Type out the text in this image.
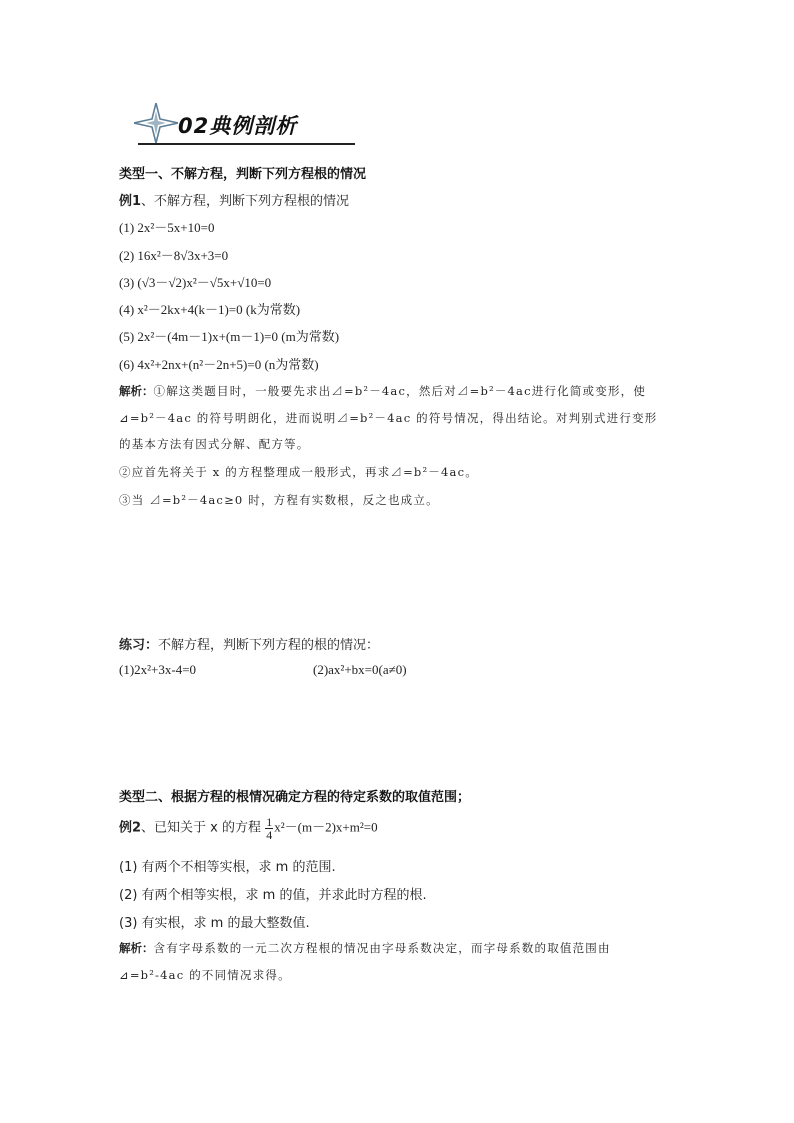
02典例剖析
类型一、不解方程，判断下列方程根的情况
例1、不解方程，判断下列方程根的情况
(1) 2x²－5x+10=0
(2) 16x²－8√3x+3=0
(3) (√3－√2)x²－√5x+√10=0
(4) x²－2kx+4(k－1)=0 (k为常数)
(5) 2x²－(4m－1)x+(m－1)=0 (m为常数)
(6) 4x²+2nx+(n²－2n+5)=0 (n为常数)
解析：①解这类题目时，一般要先求出⊿=b²－4ac，然后对⊿=b²－4ac进行化简或变形，使
⊿=b²－4ac 的符号明朗化，进而说明⊿=b²－4ac 的符号情况，得出结论。对判别式进行变形
的基本方法有因式分解、配方等。
②应首先将关于 x 的方程整理成一般形式，再求⊿=b²－4ac。
③当 ⊿=b²－4ac≥0 时，方程有实数根，反之也成立。
练习：不解方程，判断下列方程的根的情况：
(1)2x²+3x-4=0	(2)ax²+bx=0(a≠0)
类型二、根据方程的根情况确定方程的待定系数的取值范围；
例2、已知关于 x 的方程 $\frac{1}{4} x^2-(m-2)x+m^2=0$
(1) 有两个不相等实根，求 m 的范围.
(2) 有两个相等实根，求 m 的值，并求此时方程的根.
(3) 有实根，求 m 的最大整数值.
解析：含有字母系数的一元二次方程根的情况由字母系数决定，而字母系数的取值范围由
⊿=b²-4ac 的不同情况求得。
